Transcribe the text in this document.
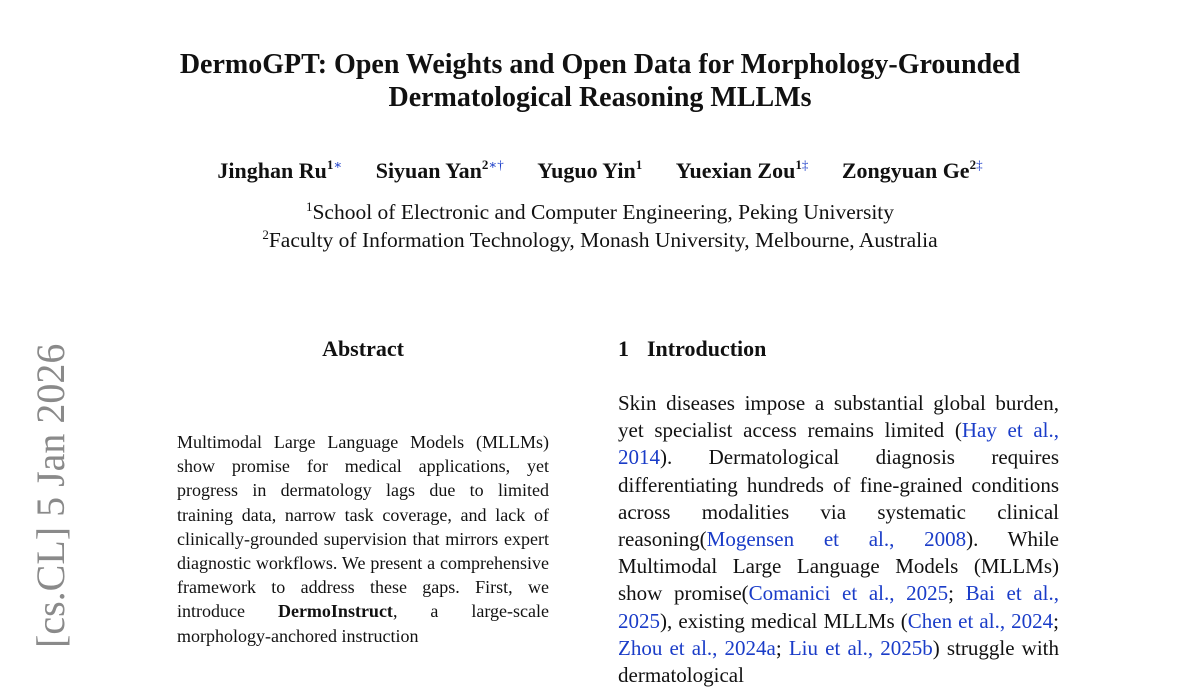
DermoGPT: Open Weights and Open Data for Morphology-Grounded
Dermatological Reasoning MLLMs
Jinghan $Ru^{1∗}$ Siyuan Yan$^{2∗\dagger}$ Yuguo Yin$^1$ Yuexian Zou$^{1\ddagger}$ Zongyuan $Ge^{2\ddagger}$
$^1$School of Electronic and Computer Engineering, Peking University
$^2$Faculty of Information Technology, Monash University, Melbourne, Australia
[cs.CL] 5 Jan 2026	Abstract
Multimodal Large Language Models (MLLMs) show promise for medical applications, yet progress in dermatology lags due to limited training data, narrow task coverage, and lack of clinically-grounded supervision that mirrors expert diagnostic workflows. We present a comprehensive framework to address these gaps. First, we introduce DermoInstruct, a large-scale morphology-anchored instruction
1 Introduction
Skin diseases impose a substantial global burden, yet specialist access remains limited (Hay et al., 2014). Dermatological diagnosis requires differentiating hundreds of fine-grained conditions across modalities via systematic clinical reasoning(Mogensen et al., 2008). While Multimodal Large Language Models (MLLMs) show promise(Comanici et al., 2025; Bai et al., 2025), existing medical MLLMs (Chen et al., 2024; Zhou et al., 2024a; Liu et al., 2025b) struggle with dermatological
